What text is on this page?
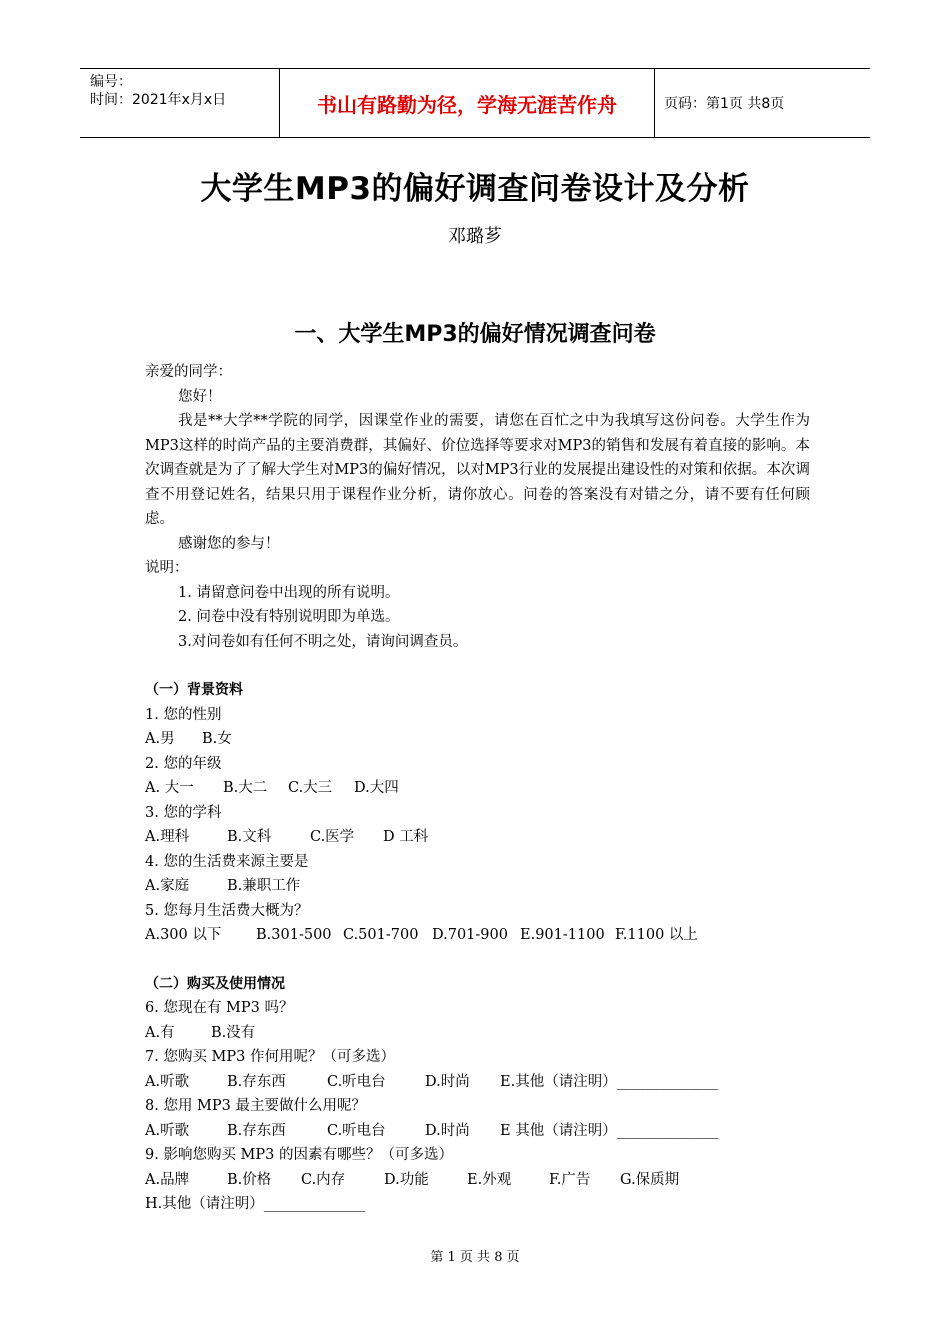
编号：
时间：2021年x月x日	书山有路勤为径，学海无涯苦作舟	页码：第1页 共8页
大学生MP3的偏好调查问卷设计及分析
邓璐芗
一、大学生MP3的偏好情况调查问卷

亲爱的同学：

您好！

我是**大学**学院的同学，因课堂作业的需要，请您在百忙之中为我填写这份问卷。大学生作为MP3这样的时尚产品的主要消费群，其偏好、价位选择等要求对MP3的销售和发展有着直接的影响。本次调查就是为了了解大学生对MP3的偏好情况，以对MP3行业的发展提出建设性的对策和依据。本次调查不用登记姓名，结果只用于课程作业分析，请你放心。问卷的答案没有对错之分，请不要有任何顾虑。

感谢您的参与！

说明：

1. 请留意问卷中出现的所有说明。

2. 问卷中没有特别说明即为单选。

3.对问卷如有任何不明之处，请询问调查员。

（一）背景资料

1. 您的性别

A.男 B.女

2. 您的年级

A. 大一 B.大二 C.大三 D.大四

3. 您的学科

A.理科	B.文科	C.医学 D 工科

4. 您的生活费来源主要是

A.家庭	B.兼职工作

5. 您每月生活费大概为？

A.300 以下 B.301-500 C.501-700 D.701-900 E.901-1100 F.1100 以上

（二）购买及使用情况

6. 您现在有 MP3 吗？

A.有	B.没有

7. 您购买 MP3 作何用呢？（可多选）

A.听歌	B.存东西	C.听电台	D.时尚 E.其他（请注明）______________

8. 您用 MP3 最主要做什么用呢？

A.听歌	B.存东西	C.听电台	D.时尚 E 其他（请注明）______________

9. 影响您购买 MP3 的因素有哪些？（可多选）

A.品牌	B.价格 C.内存	D.功能	E.外观	F.广告 G.保质期

H.其他（请注明）______________

第 1 页 共 8 页
